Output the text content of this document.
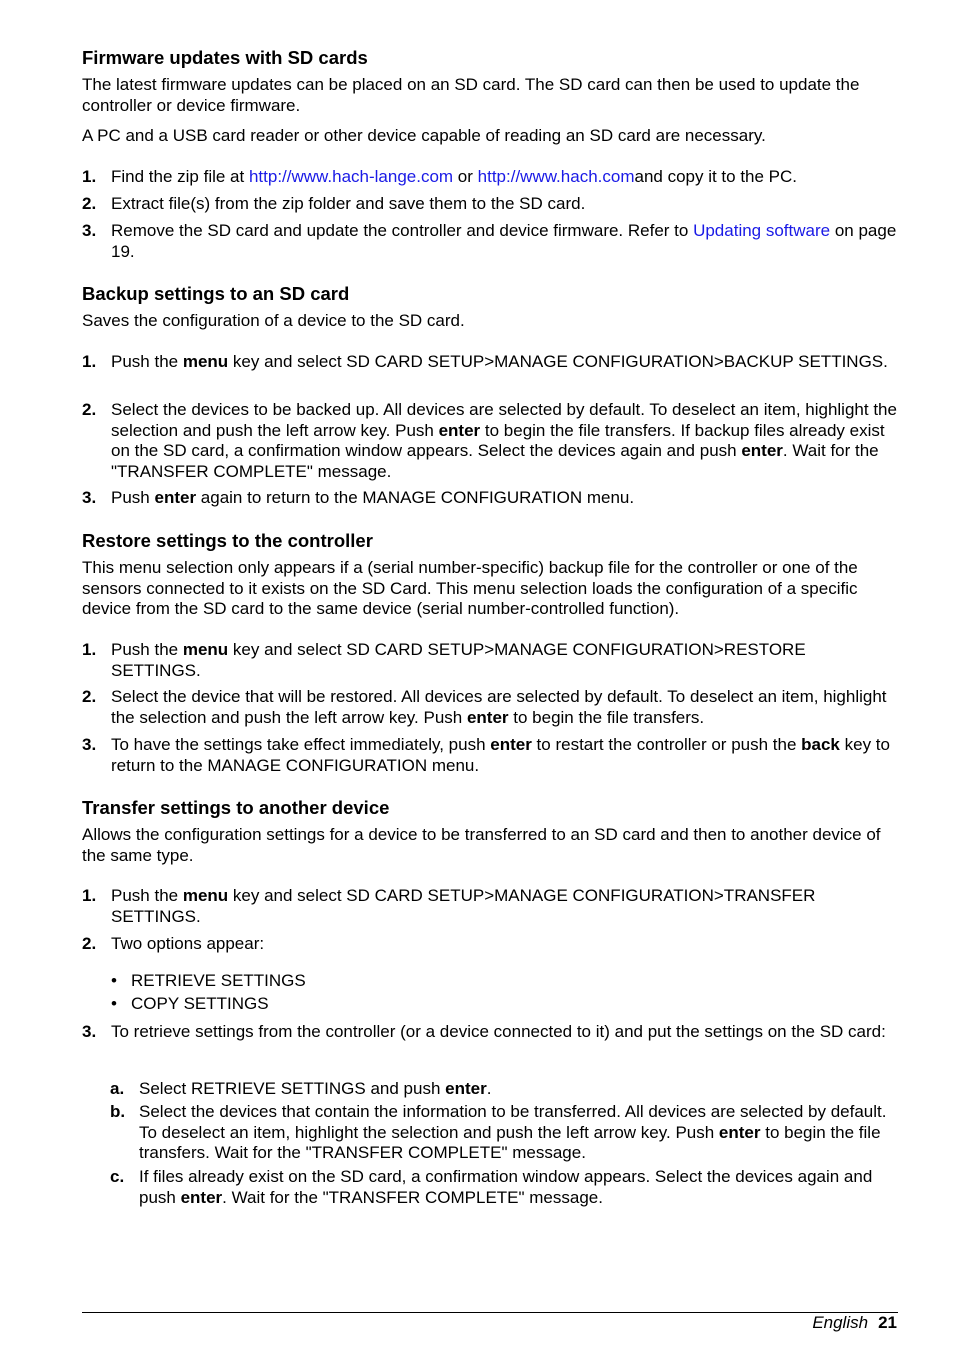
Firmware updates with SD cards

The latest firmware updates can be placed on an SD card. The SD card can then be used to update the controller or device firmware.

A PC and a USB card reader or other device capable of reading an SD card are necessary.

1. Find the zip file at http://www.hach-lange.com or http://www.hach.comand copy it to the PC.
2. Extract file(s) from the zip folder and save them to the SD card.
3. Remove the SD card and update the controller and device firmware. Refer to Updating software on page 19.
Backup settings to an SD card

Saves the configuration of a device to the SD card.

1. Push the menu key and select SD CARD SETUP>MANAGE CONFIGURATION>BACKUP SETTINGS.
2. Select the devices to be backed up. All devices are selected by default. To deselect an item, highlight the selection and push the left arrow key. Push enter to begin the file transfers. If backup files already exist on the SD card, a confirmation window appears. Select the devices again and push enter. Wait for the "TRANSFER COMPLETE" message.
3. Push enter again to return to the MANAGE CONFIGURATION menu.
Restore settings to the controller

This menu selection only appears if a (serial number-specific) backup file for the controller or one of the sensors connected to it exists on the SD Card. This menu selection loads the configuration of a specific device from the SD card to the same device (serial number-controlled function).

1. Push the menu key and select SD CARD SETUP>MANAGE CONFIGURATION>RESTORE SETTINGS.
2. Select the device that will be restored. All devices are selected by default. To deselect an item, highlight the selection and push the left arrow key. Push enter to begin the file transfers.
3. To have the settings take effect immediately, push enter to restart the controller or push the back key to return to the MANAGE CONFIGURATION menu.
Transfer settings to another device

Allows the configuration settings for a device to be transferred to an SD card and then to another device of the same type.

1. Push the menu key and select SD CARD SETUP>MANAGE CONFIGURATION>TRANSFER SETTINGS.
2. Two options appear:
• RETRIEVE SETTINGS
• COPY SETTINGS
3. To retrieve settings from the controller (or a device connected to it) and put the settings on the SD card:
a. Select RETRIEVE SETTINGS and push enter.
b. Select the devices that contain the information to be transferred. All devices are selected by default. To deselect an item, highlight the selection and push the left arrow key. Push enter to begin the file transfers. Wait for the "TRANSFER COMPLETE" message.
c. If files already exist on the SD card, a confirmation window appears. Select the devices again and push enter. Wait for the "TRANSFER COMPLETE" message.
English 21
